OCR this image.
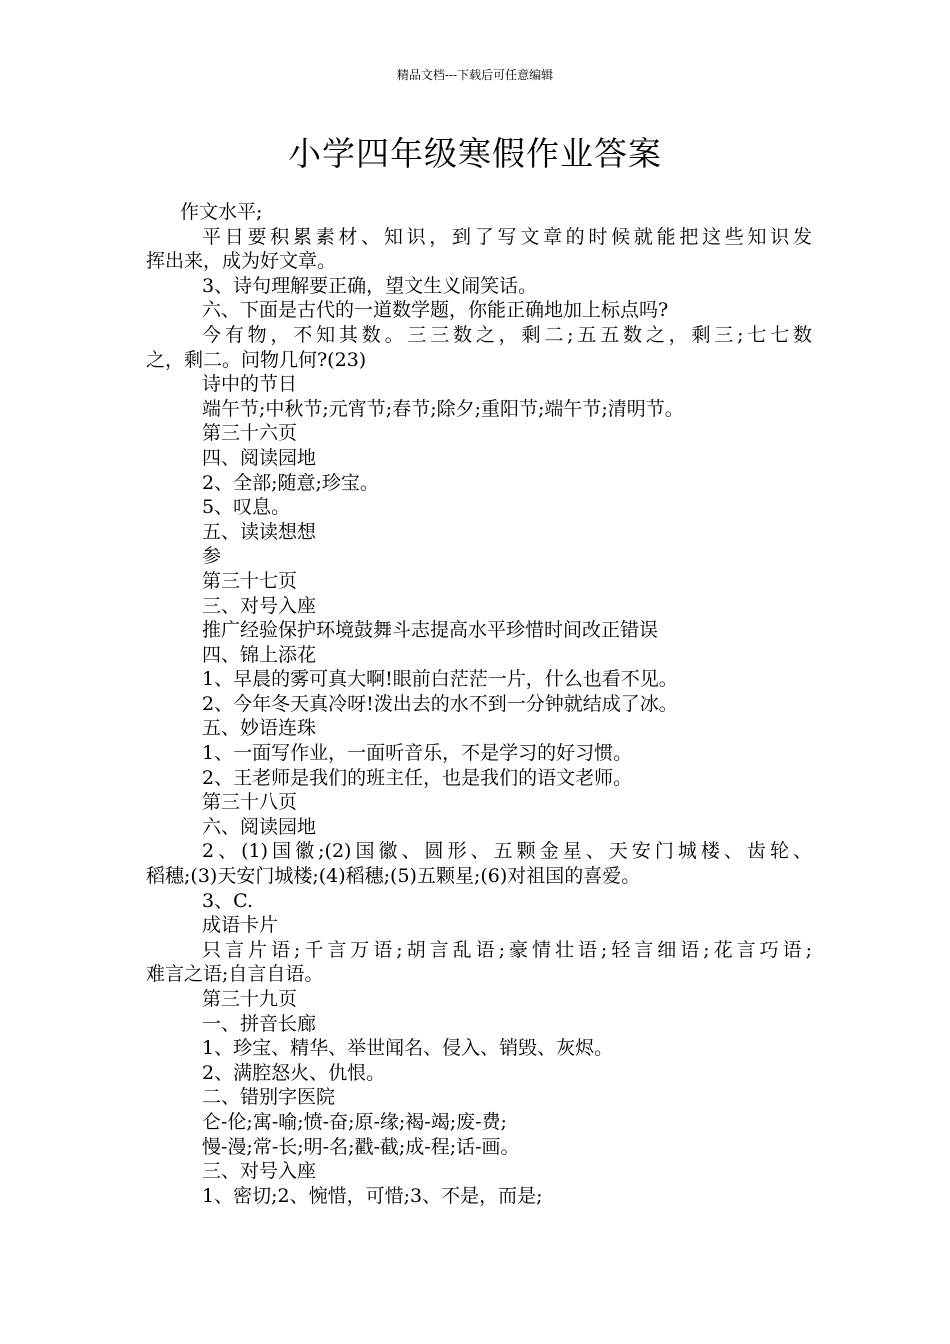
精品文档---下载后可任意编辑
小学四年级寒假作业答案
作文水平;
平日要积累素材、知识，到了写文章的时候就能把这些知识发
挥出来，成为好文章。
3、诗句理解要正确，望文生义闹笑话。
六、下面是古代的一道数学题，你能正确地加上标点吗?
今有物，不知其数。三三数之，剩二;五五数之，剩三;七七数
之，剩二。问物几何?(23)
诗中的节日
端午节;中秋节;元宵节;春节;除夕;重阳节;端午节;清明节。
第三十六页
四、阅读园地
2、全部;随意;珍宝。
5、叹息。
五、读读想想
参
第三十七页
三、对号入座
推广经验保护环境鼓舞斗志提高水平珍惜时间改正错误
四、锦上添花
1、早晨的雾可真大啊!眼前白茫茫一片，什么也看不见。
2、今年冬天真冷呀!泼出去的水不到一分钟就结成了冰。
五、妙语连珠
1、一面写作业，一面听音乐，不是学习的好习惯。
2、王老师是我们的班主任，也是我们的语文老师。
第三十八页
六、阅读园地
2、(1)国徽;(2)国徽、圆形、五颗金星、天安门城楼、齿轮、
稻穗;(3)天安门城楼;(4)稻穗;(5)五颗星;(6)对祖国的喜爱。
3、C.
成语卡片
只言片语;千言万语;胡言乱语;豪情壮语;轻言细语;花言巧语;
难言之语;自言自语。
第三十九页
一、拼音长廊
1、珍宝、精华、举世闻名、侵入、销毁、灰烬。
2、满腔怒火、仇恨。
二、错别字医院
仑-伦;寓-喻;愤-奋;原-缘;褐-竭;废-费;
慢-漫;常-长;明-名;戳-截;成-程;话-画。
三、对号入座
1、密切;2、惋惜，可惜;3、不是，而是;
